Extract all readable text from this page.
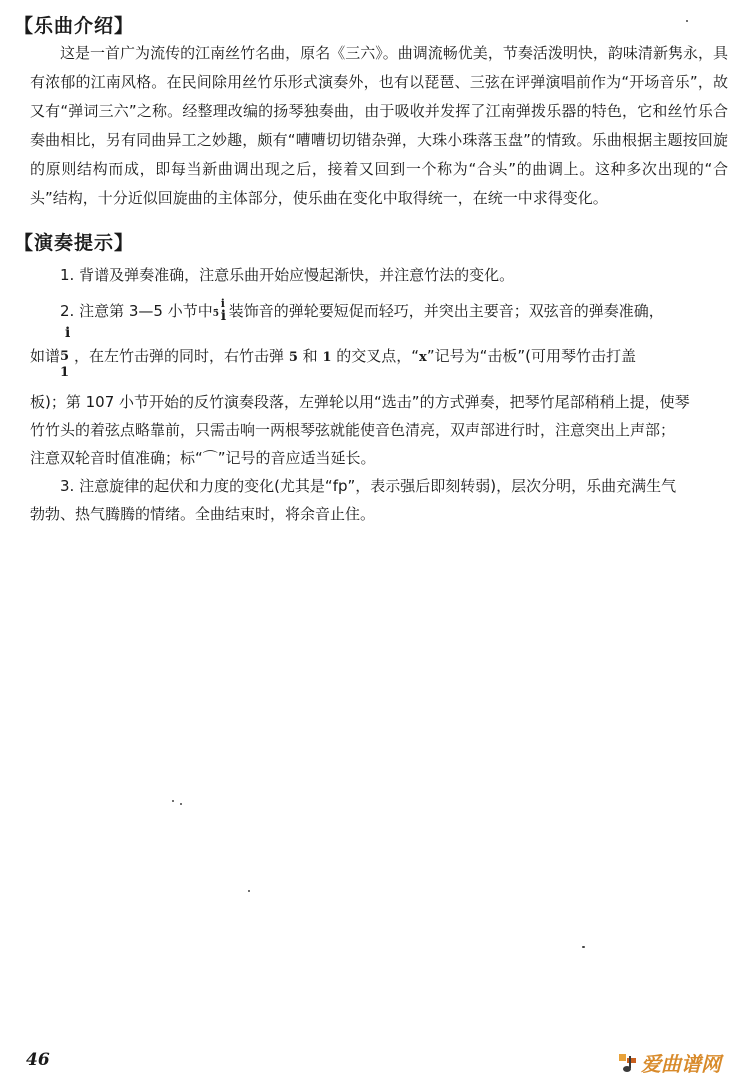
【乐曲介绍】

这是一首广为流传的江南丝竹名曲，原名《三六》。曲调流畅优美，节奏活泼明快，韵味清新隽永，具有浓郁的江南风格。在民间除用丝竹乐形式演奏外，也有以琵琶、三弦在评弹演唱前作为“开场音乐”，故又有“弹词三六”之称。经整理改编的扬琴独奏曲，由于吸收并发挥了江南弹拨乐器的特色，它和丝竹乐合奏曲相比，另有同曲异工之妙趣，颇有“嘈嘈切切错杂弹，大珠小珠落玉盘”的情致。乐曲根据主题按回旋的原则结构而成，即每当新曲调出现之后，接着又回到一个称为“合头”的曲调上。这种多次出现的“合头”结构，十分近似回旋曲的主体部分，使乐曲在变化中取得统一，在统一中求得变化。

【演奏提示】

1. 背谱及弹奏准确，注意乐曲开始应慢起渐快，并注意竹法的变化。

2. 注意第 3—5 小节中 i
5̇ i 装饰音的弹轮要短促而轻巧，并突出主要音；双弦音的弹奏准确，

如谱
i
5
1
，在左竹击弹的同时，右竹击弹 5 和 1 的交叉点，“x”记号为“击板”(可用琴竹击打盖

板)；第 107 小节开始的反竹演奏段落，左弹轮以用“选击”的方式弹奏，把琴竹尾部稍稍上提，使琴

竹竹头的着弦点略靠前，只需击响一两根琴弦就能使音色清亮，双声部进行时，注意突出上声部；

注意双轮音时值准确；标“⌒”记号的音应适当延长。

3. 注意旋律的起伏和力度的变化(尤其是“fp”，表示强后即刻转弱)，层次分明，乐曲充满生气

勃勃、热气腾腾的情绪。全曲结束时，将余音止住。

46	爱曲谱网
